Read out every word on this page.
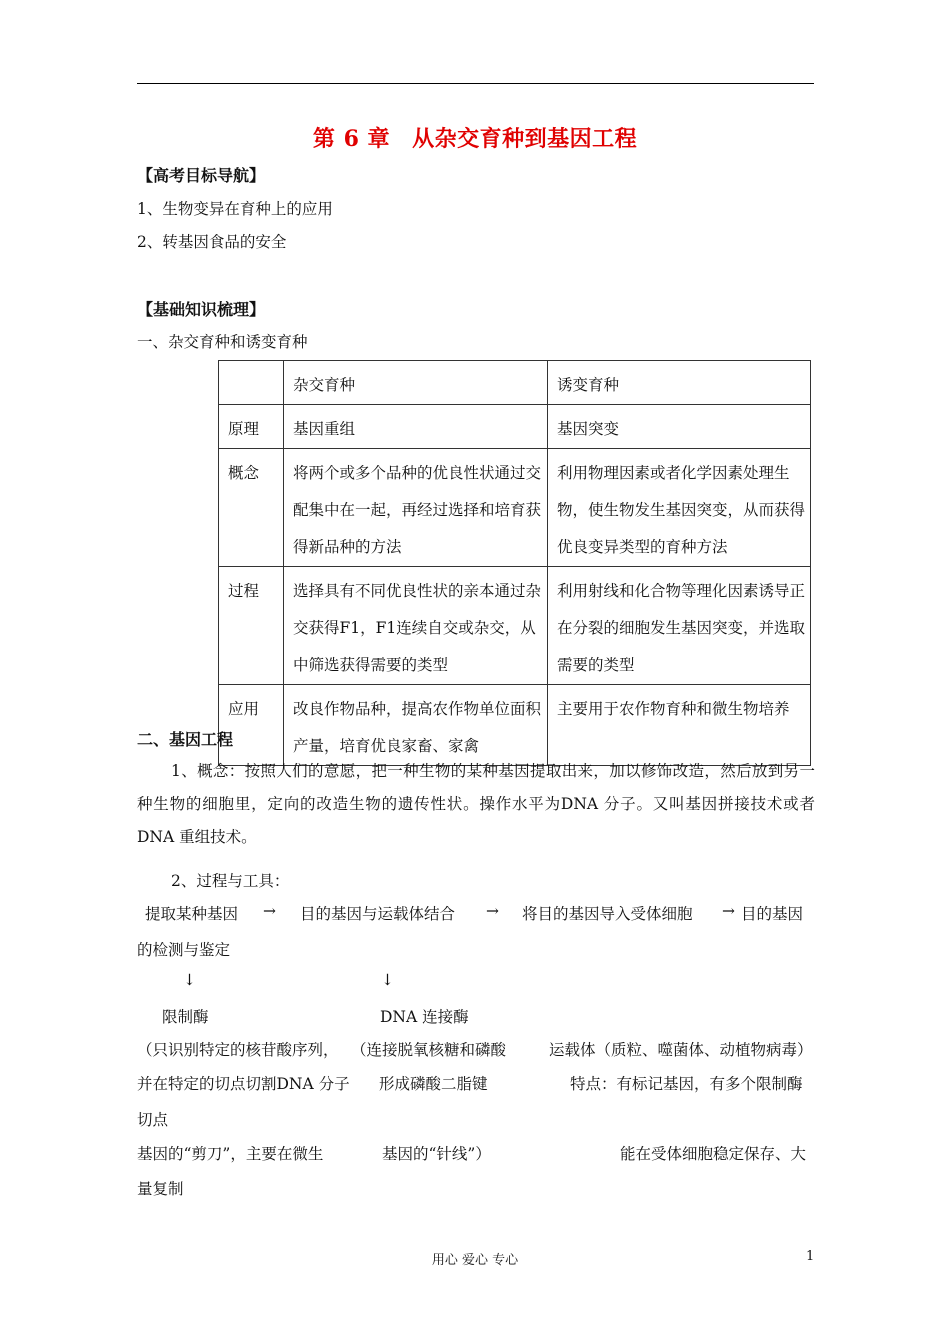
第 6 章 从杂交育种到基因工程
【高考目标导航】
1、生物变异在育种上的应用
2、转基因食品的安全
【基础知识梳理】
一、杂交育种和诱变育种
	杂交育种	诱变育种
原理	基因重组	基因突变
概念	将两个或多个品种的优良性状通过交配集中在一起，再经过选择和培育获得新品种的方法	利用物理因素或者化学因素处理生物，使生物发生基因突变，从而获得优良变异类型的育种方法
过程	选择具有不同优良性状的亲本通过杂交获得F1，F1连续自交或杂交，从中筛选获得需要的类型	利用射线和化合物等理化因素诱导正在分裂的细胞发生基因突变，并选取需要的类型
应用	改良作物品种，提高农作物单位面积产量，培育优良家畜、家禽	主要用于农作物育种和微生物培养
二、基因工程
1、概念：按照人们的意愿，把一种生物的某种基因提取出来，加以修饰改造，然后放到另一种生物的细胞里，定向的改造生物的遗传性状。操作水平为DNA 分子。又叫基因拼接技术或者DNA 重组技术。
2、过程与工具：
提取某种基因 → 目的基因与运载体结合 → 将目的基因导入受体细胞 → 目的基因
的检测与鉴定
↓	↓
限制酶	DNA 连接酶
（只识别特定的核苷酸序列， （连接脱氧核糖和磷酸	运载体（质粒、噬菌体、动植物病毒）
并在特定的切点切割DNA 分子 形成磷酸二脂键	特点：有标记基因，有多个限制酶
切点
基因的“剪刀”，主要在微生	基因的“针线”）	能在受体细胞稳定保存、大
量复制
用心 爱心 专心	1
